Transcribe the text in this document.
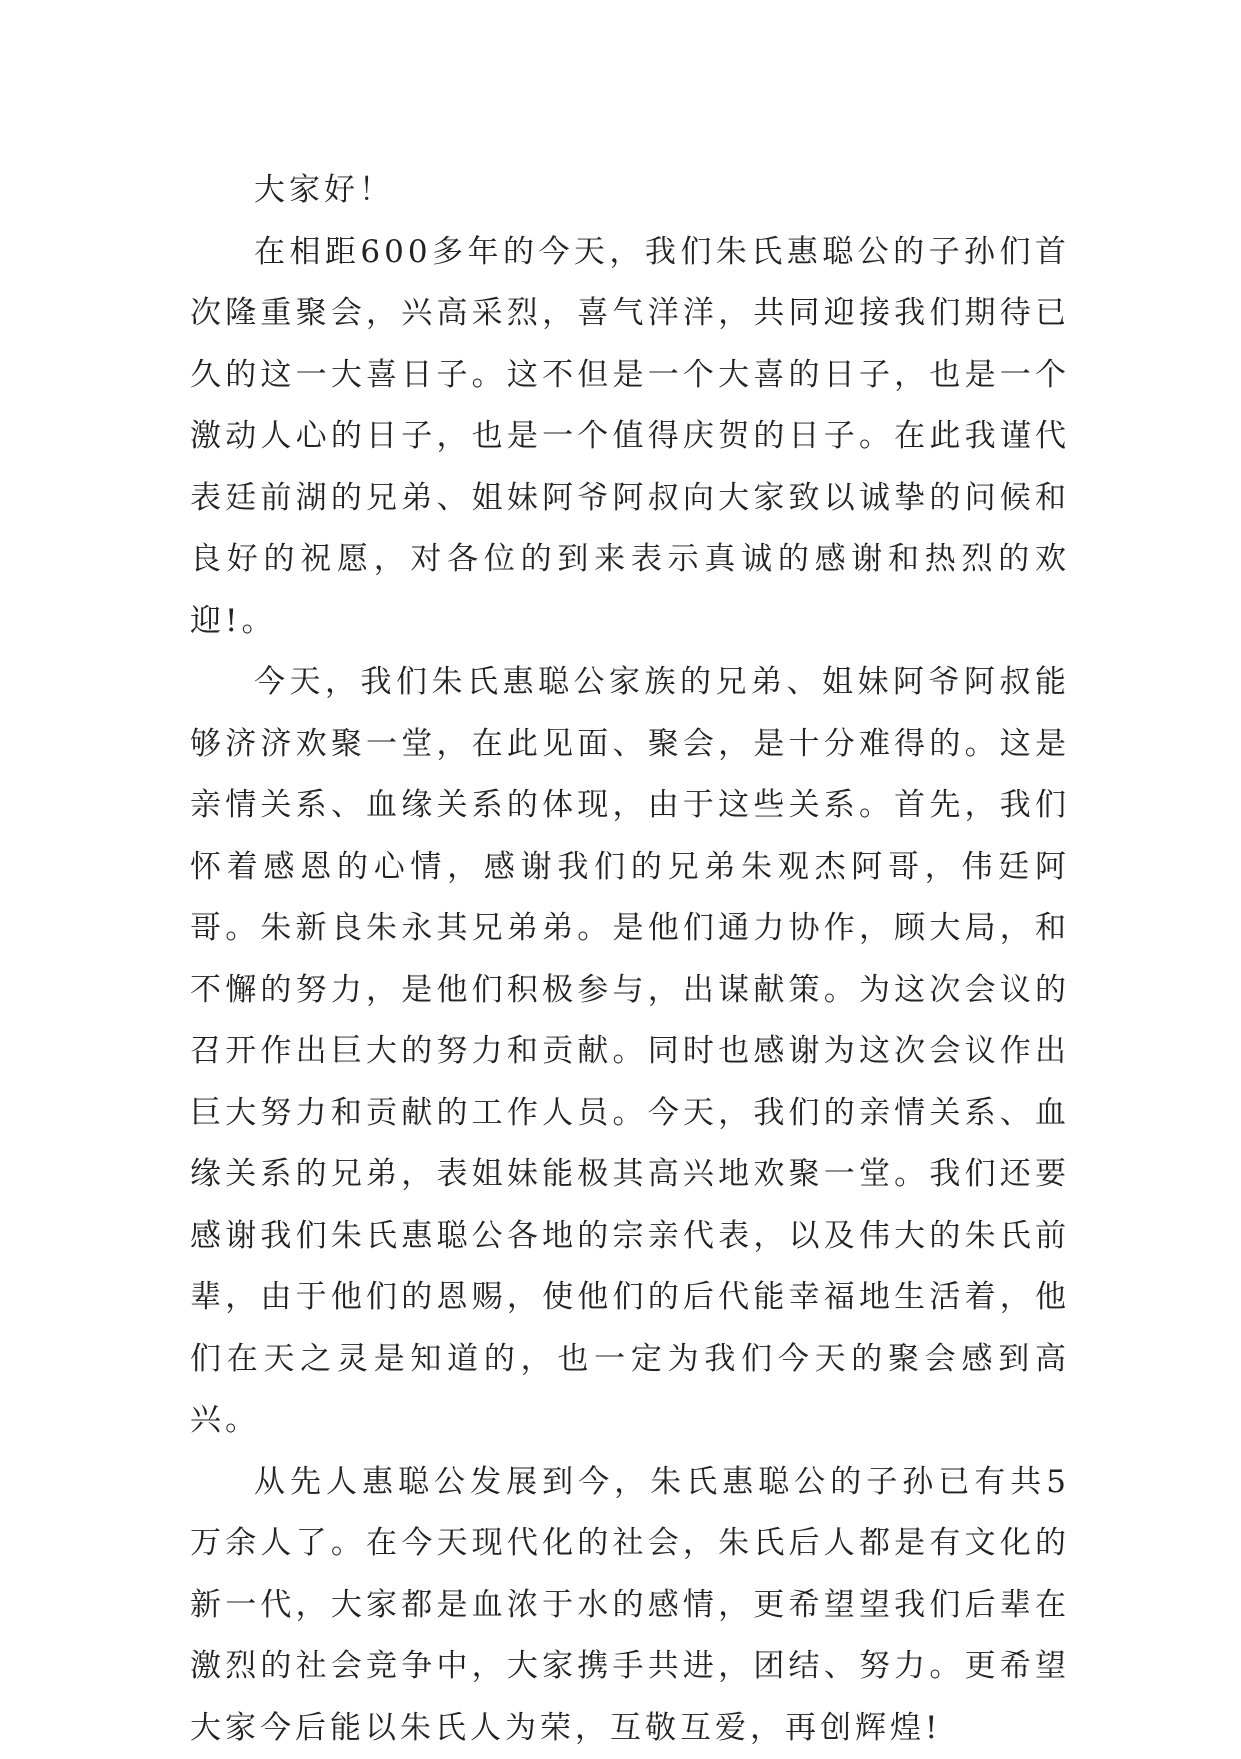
大家好！

在相距600多年的今天，我们朱氏惠聪公的子孙们首次隆重聚会，兴高采烈，喜气洋洋，共同迎接我们期待已久的这一大喜日子。这不但是一个大喜的日子，也是一个激动人心的日子，也是一个值得庆贺的日子。在此我谨代表廷前湖的兄弟、姐妹阿爷阿叔向大家致以诚挚的问候和良好的祝愿，对各位的到来表示真诚的感谢和热烈的欢迎!。

今天，我们朱氏惠聪公家族的兄弟、姐妹阿爷阿叔能够济济欢聚一堂，在此见面、聚会，是十分难得的。这是亲情关系、血缘关系的体现，由于这些关系。首先，我们怀着感恩的心情，感谢我们的兄弟朱观杰阿哥，伟廷阿哥。朱新良朱永其兄弟弟。是他们通力协作，顾大局，和不懈的努力，是他们积极参与，出谋献策。为这次会议的召开作出巨大的努力和贡献。同时也感谢为这次会议作出巨大努力和贡献的工作人员。今天，我们的亲情关系、血缘关系的兄弟，表姐妹能极其高兴地欢聚一堂。我们还要感谢我们朱氏惠聪公各地的宗亲代表，以及伟大的朱氏前辈，由于他们的恩赐，使他们的后代能幸福地生活着，他们在天之灵是知道的，也一定为我们今天的聚会感到高兴。

从先人惠聪公发展到今，朱氏惠聪公的子孙已有共5万余人了。在今天现代化的社会，朱氏后人都是有文化的新一代，大家都是血浓于水的感情，更希望望我们后辈在激烈的社会竞争中，大家携手共进，团结、努力。更希望大家今后能以朱氏人为荣，互敬互爱，再创辉煌!
